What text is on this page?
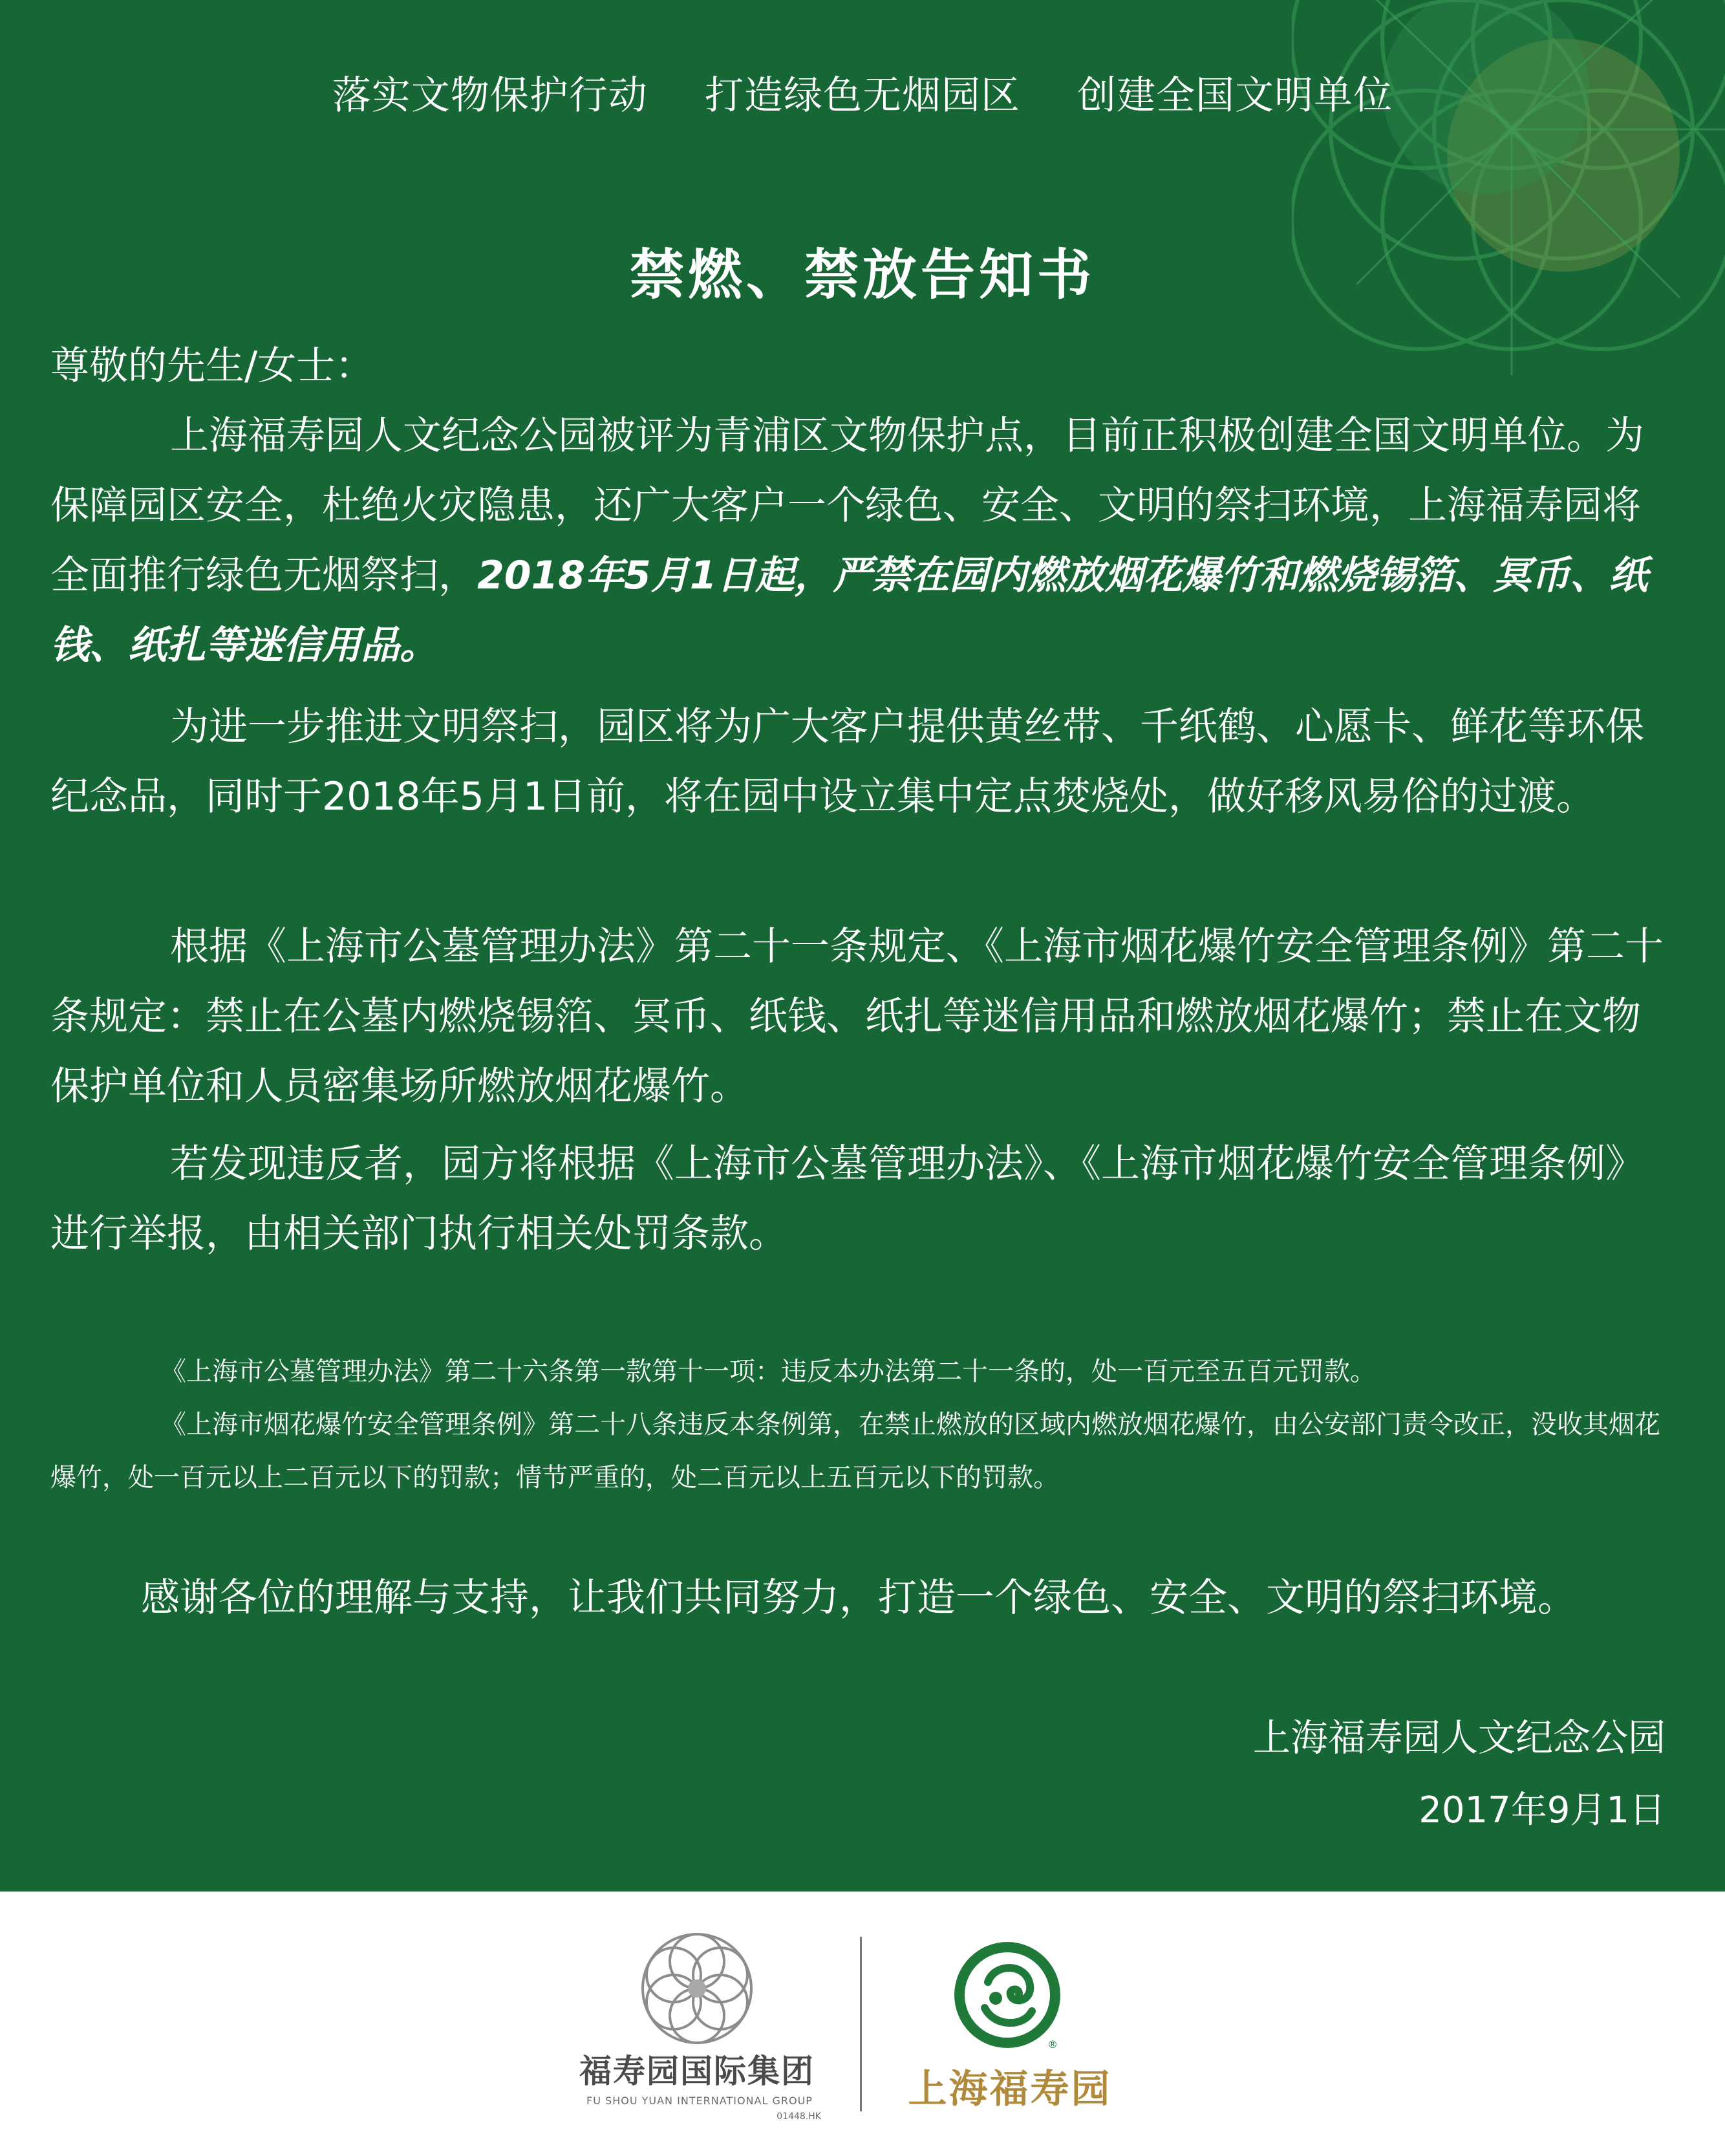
落实文物保护行动 打造绿色无烟园区 创建全国文明单位
禁燃、禁放告知书
尊敬的先生/女士：
上海福寿园人文纪念公园被评为青浦区文物保护点，目前正积极创建全国文明单位。为保障园区安全，杜绝火灾隐患，还广大客户一个绿色、安全、文明的祭扫环境，上海福寿园将全面推行绿色无烟祭扫，2018年5月1日起，严禁在园内燃放烟花爆竹和燃烧锡箔、冥币、纸钱、纸扎等迷信用品。
为进一步推进文明祭扫，园区将为广大客户提供黄丝带、千纸鹤、心愿卡、鲜花等环保纪念品，同时于2018年5月1日前，将在园中设立集中定点焚烧处，做好移风易俗的过渡。
根据《上海市公墓管理办法》第二十一条规定、《上海市烟花爆竹安全管理条例》第二十条规定：禁止在公墓内燃烧锡箔、冥币、纸钱、纸扎等迷信用品和燃放烟花爆竹；禁止在文物保护单位和人员密集场所燃放烟花爆竹。
若发现违反者，园方将根据《上海市公墓管理办法》、《上海市烟花爆竹安全管理条例》进行举报，由相关部门执行相关处罚条款。
《上海市公墓管理办法》第二十六条第一款第十一项：违反本办法第二十一条的，处一百元至五百元罚款。
《上海市烟花爆竹安全管理条例》第二十八条违反本条例第，在禁止燃放的区域内燃放烟花爆竹，由公安部门责令改正，没收其烟花爆竹，处一百元以上二百元以下的罚款；情节严重的，处二百元以上五百元以下的罚款。
感谢各位的理解与支持，让我们共同努力，打造一个绿色、安全、文明的祭扫环境。
上海福寿园人文纪念公园
2017年9月1日
福寿园国际集团
FU SHOU YUAN INTERNATIONAL GROUP
01448.HK
®
上海福寿园
